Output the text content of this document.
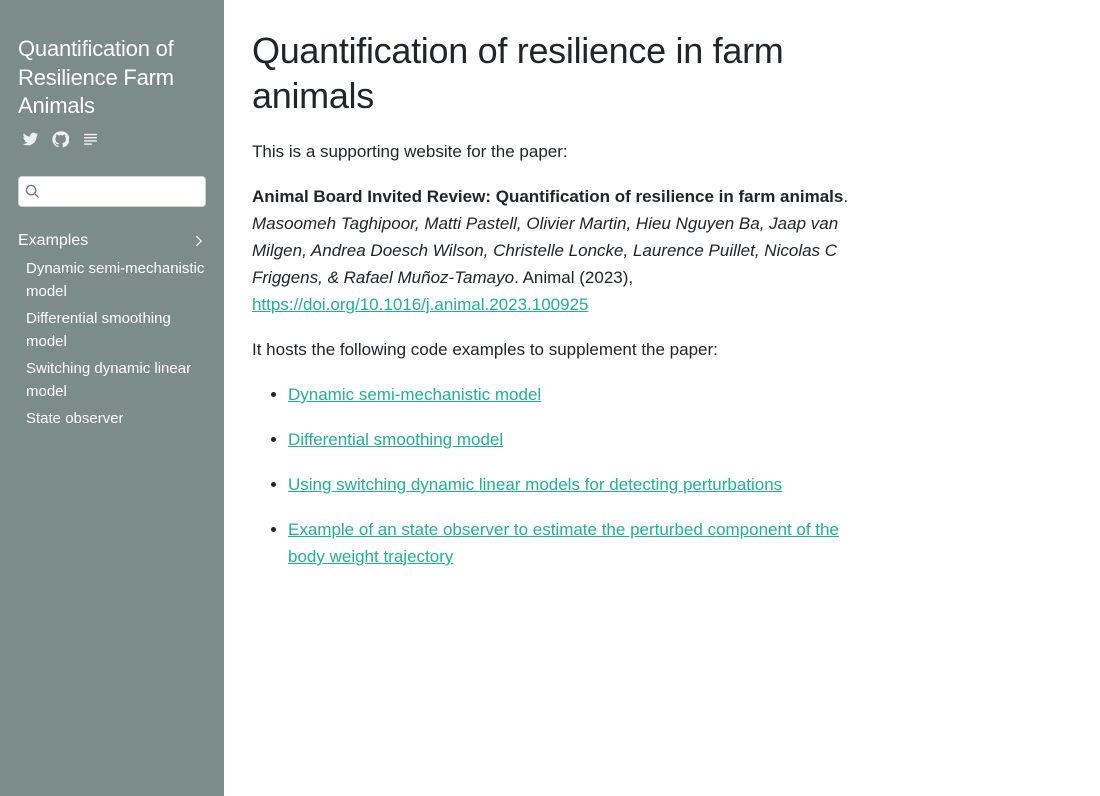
Quantification of Resilience Farm Animals
Examples
Dynamic semi-mechanistic model
Differential smoothing model
Switching dynamic linear model
State observer
Quantification of resilience in farm animals

This is a supporting website for the paper:

Animal Board Invited Review: Quantification of resilience in farm animals.
Masoomeh Taghipoor, Matti Pastell, Olivier Martin, Hieu Nguyen Ba, Jaap van Milgen, Andrea Doesch Wilson, Christelle Loncke, Laurence Puillet, Nicolas C Friggens, & Rafael Muñoz-Tamayo. Animal (2023),
https://doi.org/10.1016/j.animal.2023.100925

It hosts the following code examples to supplement the paper:

• Dynamic semi-mechanistic model
• Differential smoothing model
• Using switching dynamic linear models for detecting perturbations
• Example of an state observer to estimate the perturbed component of the body weight trajectory
